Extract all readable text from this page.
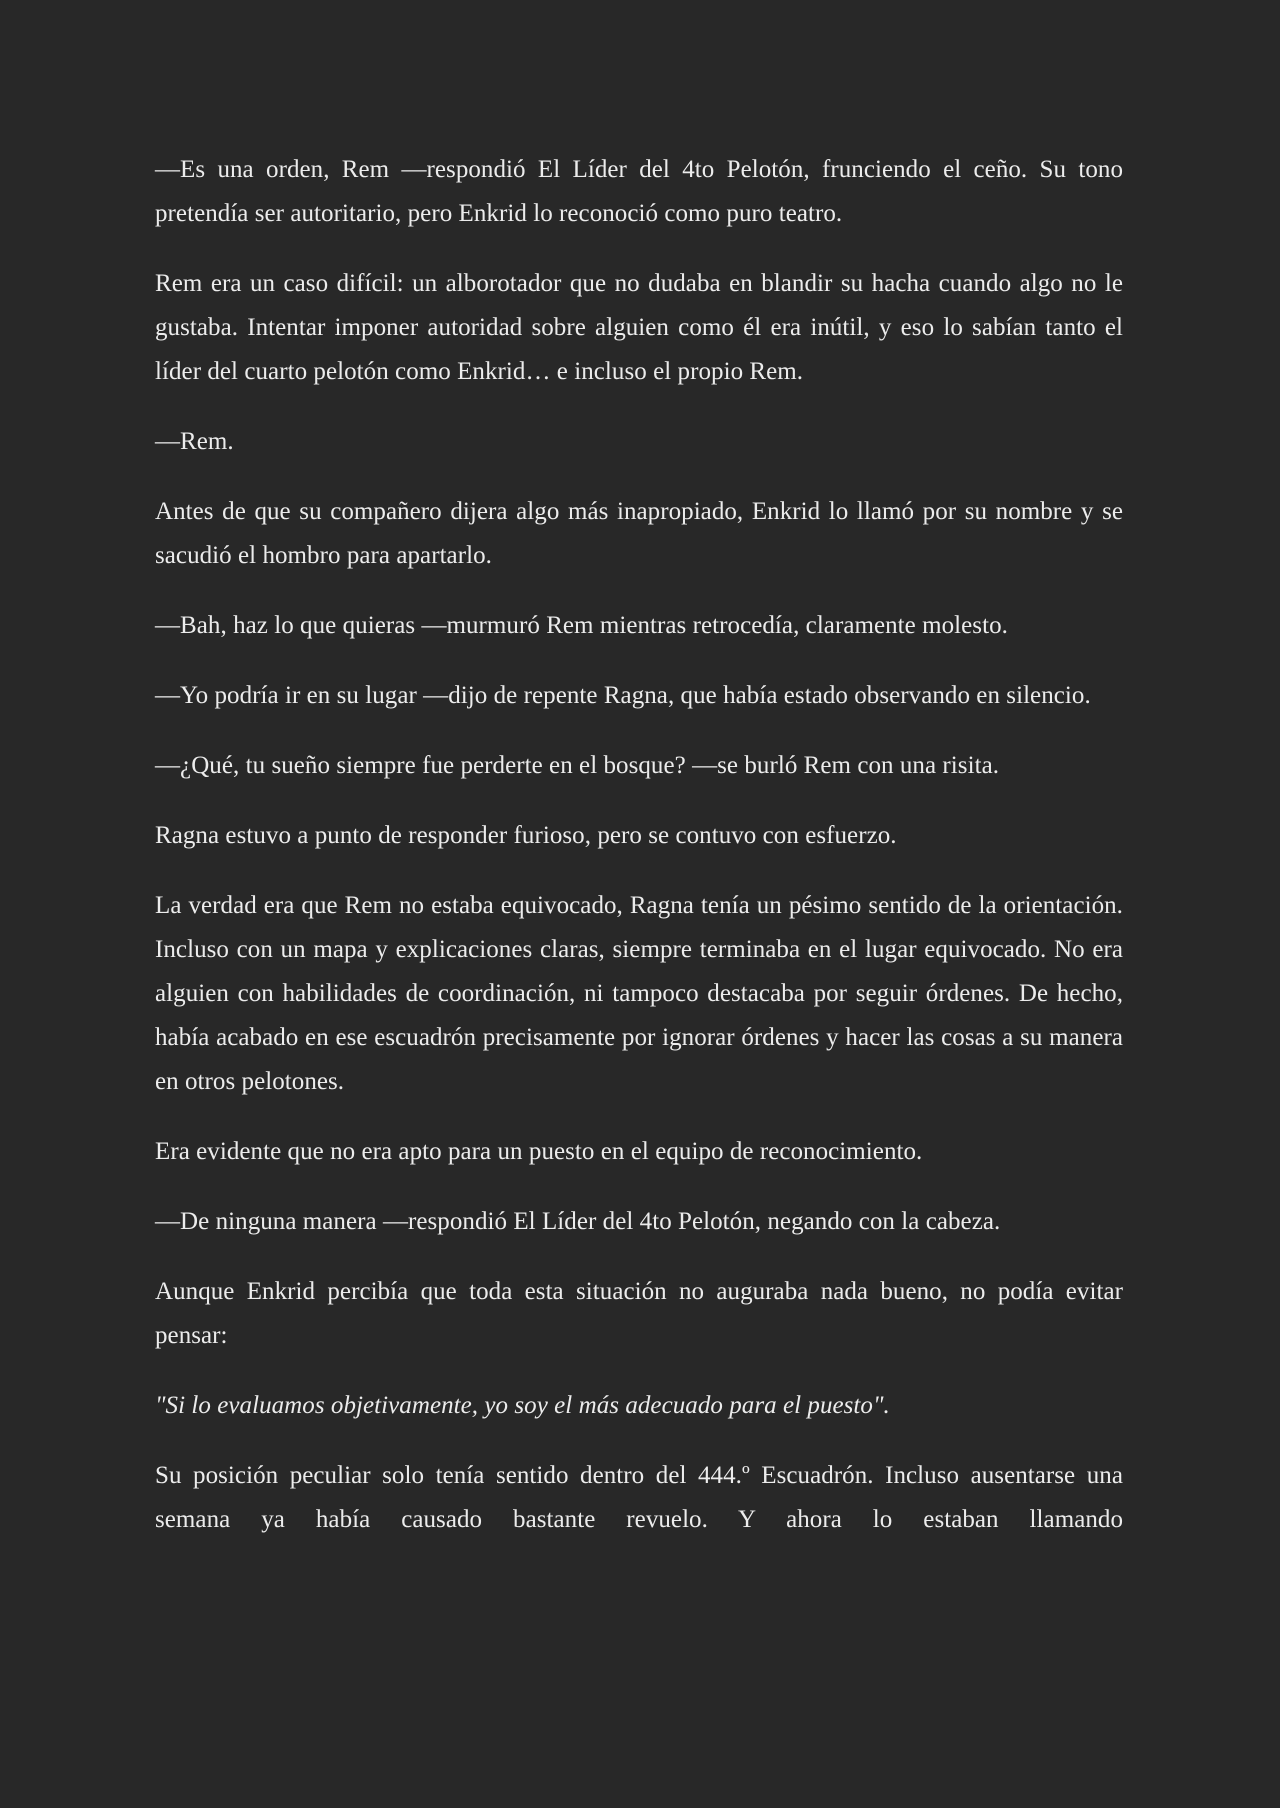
—Es una orden, Rem —respondió El Líder del 4to Pelotón, frunciendo el ceño. Su tono pretendía ser autoritario, pero Enkrid lo reconoció como puro teatro.

Rem era un caso difícil: un alborotador que no dudaba en blandir su hacha cuando algo no le gustaba. Intentar imponer autoridad sobre alguien como él era inútil, y eso lo sabían tanto el líder del cuarto pelotón como Enkrid… e incluso el propio Rem.

—Rem.

Antes de que su compañero dijera algo más inapropiado, Enkrid lo llamó por su nombre y se sacudió el hombro para apartarlo.

—Bah, haz lo que quieras —murmuró Rem mientras retrocedía, claramente molesto.

—Yo podría ir en su lugar —dijo de repente Ragna, que había estado observando en silencio.

—¿Qué, tu sueño siempre fue perderte en el bosque? —se burló Rem con una risita.

Ragna estuvo a punto de responder furioso, pero se contuvo con esfuerzo.

La verdad era que Rem no estaba equivocado, Ragna tenía un pésimo sentido de la orientación. Incluso con un mapa y explicaciones claras, siempre terminaba en el lugar equivocado. No era alguien con habilidades de coordinación, ni tampoco destacaba por seguir órdenes. De hecho, había acabado en ese escuadrón precisamente por ignorar órdenes y hacer las cosas a su manera en otros pelotones.

Era evidente que no era apto para un puesto en el equipo de reconocimiento.

—De ninguna manera —respondió El Líder del 4to Pelotón, negando con la cabeza.

Aunque Enkrid percibía que toda esta situación no auguraba nada bueno, no podía evitar pensar:

"Si lo evaluamos objetivamente, yo soy el más adecuado para el puesto".

Su posición peculiar solo tenía sentido dentro del 444.º Escuadrón. Incluso ausentarse una semana ya había causado bastante revuelo. Y ahora lo estaban llamando
